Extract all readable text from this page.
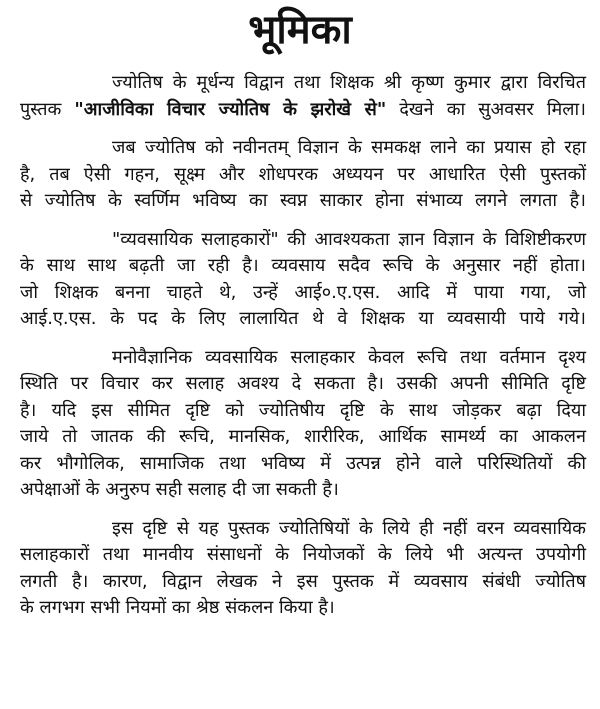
भूमिका
ज्योतिष के मूर्धन्य विद्वान तथा शिक्षक श्री कृष्ण कुमार द्वारा विरचित
पुस्तक "आजीविका विचार ज्योतिष के झरोखे से" देखने का सुअवसर मिला।
जब ज्योतिष को नवीनतम् विज्ञान के समकक्ष लाने का प्रयास हो रहा
है, तब ऐसी गहन, सूक्ष्म और शोधपरक अध्ययन पर आधारित ऐसी पुस्तकों
से ज्योतिष के स्वर्णिम भविष्य का स्वप्न साकार होना संभाव्य लगने लगता है।
"व्यवसायिक सलाहकारों" की आवश्यकता ज्ञान विज्ञान के विशिष्टीकरण
के साथ साथ बढ़ती जा रही है। व्यवसाय सदैव रूचि के अनुसार नहीं होता।
जो शिक्षक बनना चाहते थे, उन्हें आई०.ए.एस. आदि में पाया गया, जो
आई.ए.एस. के पद के लिए लालायित थे वे शिक्षक या व्यवसायी पाये गये।
मनोवैज्ञानिक व्यवसायिक सलाहकार केवल रूचि तथा वर्तमान दृश्य
स्थिति पर विचार कर सलाह अवश्य दे सकता है। उसकी अपनी सीमिति दृष्टि
है। यदि इस सीमित दृष्टि को ज्योतिषीय दृष्टि के साथ जोड़कर बढ़ा दिया
जाये तो जातक की रूचि, मानसिक, शारीरिक, आर्थिक सामर्थ्य का आकलन
कर भौगोलिक, सामाजिक तथा भविष्य में उत्पन्न होने वाले परिस्थितियों की
अपेक्षाओं के अनुरुप सही सलाह दी जा सकती है।
इस दृष्टि से यह पुस्तक ज्योतिषियों के लिये ही नहीं वरन व्यवसायिक
सलाहकारों तथा मानवीय संसाधनों के नियोजकों के लिये भी अत्यन्त उपयोगी
लगती है। कारण, विद्वान लेखक ने इस पुस्तक में व्यवसाय संबंधी ज्योतिष
के लगभग सभी नियमों का श्रेष्ठ संकलन किया है।
